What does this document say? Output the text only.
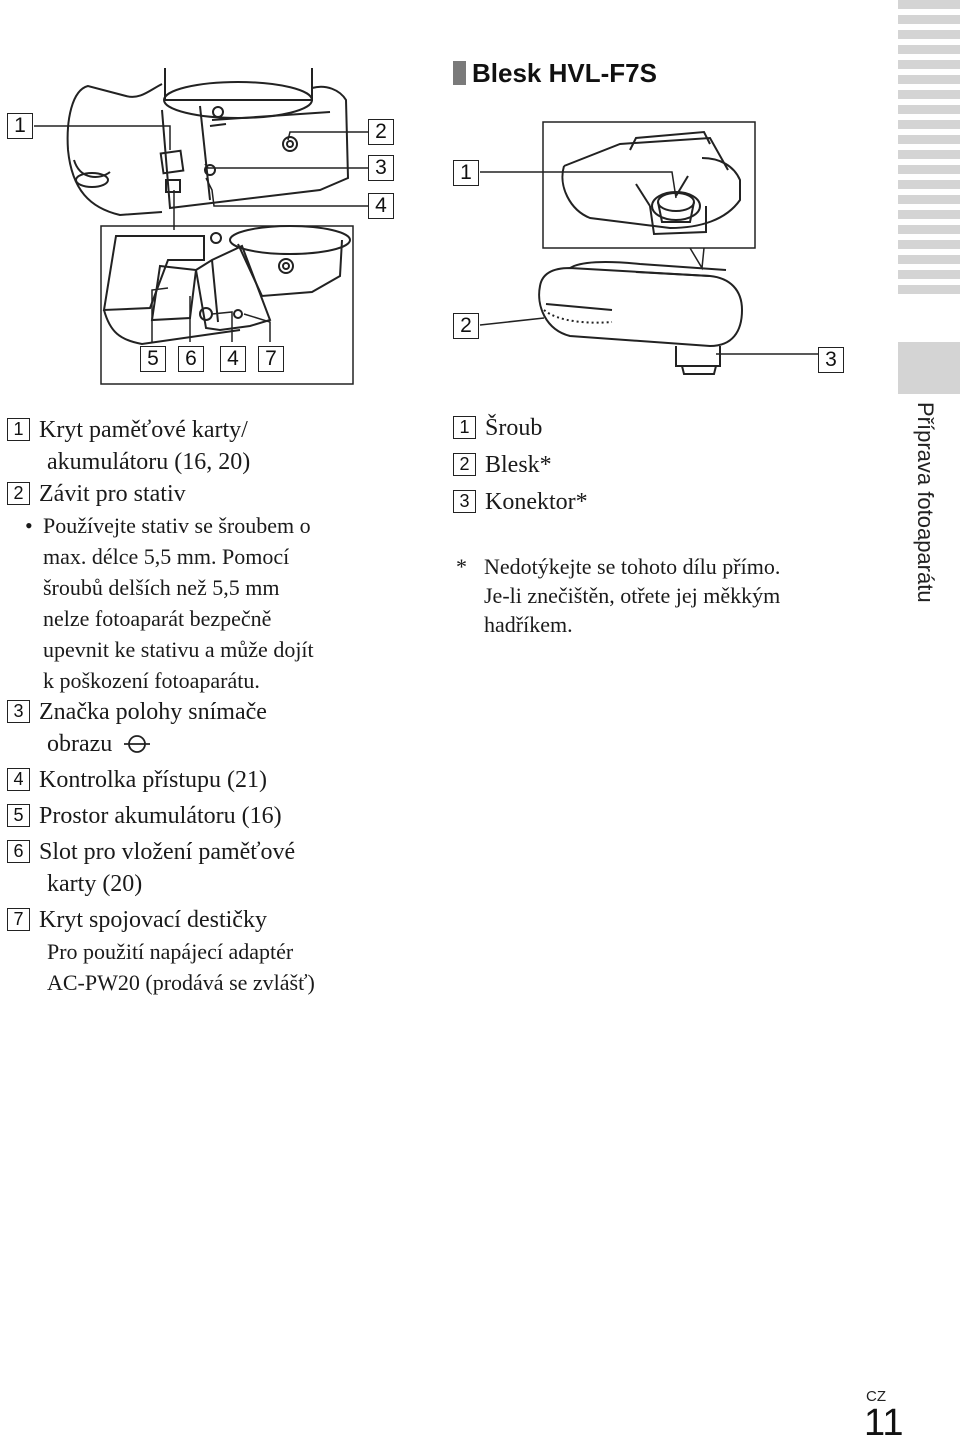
Příprava fotoaparátu
1	2
3
4
5	6	4	7
Blesk HVL-F7S
1
2
3
1 Kryt paměťové karty/
akumulátoru (16, 20)
2 Závit pro stativ
• Používejte stativ se šroubem o
max. délce 5,5 mm. Pomocí
šroubů delších než 5,5 mm
nelze fotoaparát bezpečně
upevnit ke stativu a může dojít
k poškození fotoaparátu.
3 Značka polohy snímače
obrazu
4 Kontrolka přístupu (21)
5 Prostor akumulátoru (16)
6 Slot pro vložení paměťové
karty (20)
7 Kryt spojovací destičky
Pro použití napájecí adaptér
AC-PW20 (prodává se zvlášť)
1 Šroub
2 Blesk*
3 Konektor*
* Nedotýkejte se tohoto dílu přímo.
Je-li znečištěn, otřete jej měkkým
hadříkem.
CZ
11
